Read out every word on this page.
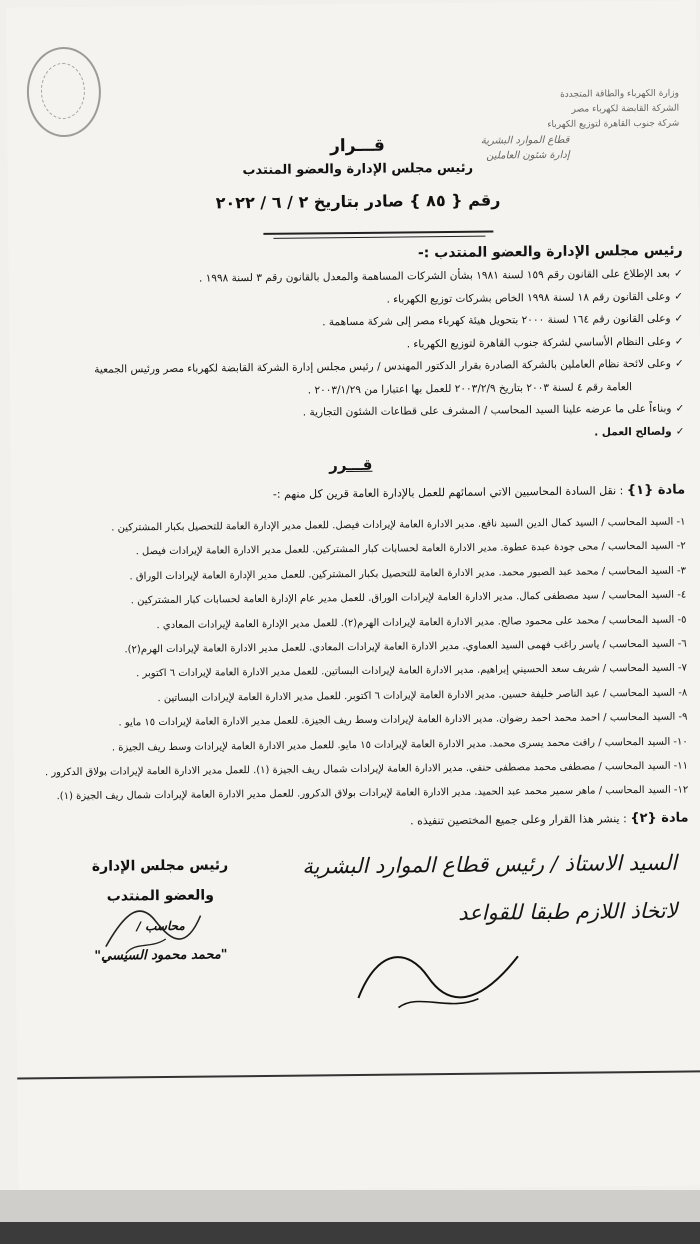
وزارة الكهرباء والطاقة المتجددة
الشركة القابضة لكهرباء مصر
شركة جنوب القاهرة لتوزيع الكهرباء
قطاع الموارد البشرية
إدارة شئون العاملين
قـــرار
رئيس مجلس الإدارة والعضو المنتدب
رقم { ٨٥ } صادر بتاريخ ٢ / ٦ / ٢٠٢٢
رئيس مجلس الإدارة والعضو المنتدب :-
✓بعد الإطلاع على القانون رقم ١٥٩ لسنة ١٩٨١ بشأن الشركات المساهمة والمعدل بالقانون رقم ٣ لسنة ١٩٩٨ .
✓وعلى القانون رقم ١٨ لسنة ١٩٩٨ الخاص بشركات توزيع الكهرباء .
✓وعلى القانون رقم ١٦٤ لسنة ٢٠٠٠ بتحويل هيئة كهرباء مصر إلى شركة مساهمة .
✓وعلى النظام الأساسي لشركة جنوب القاهرة لتوزيع الكهرباء .
✓وعلى لائحة نظام العاملين بالشركة الصادرة بقرار الدكتور المهندس / رئيس مجلس إدارة الشركة القابضة لكهرباء مصر ورئيس الجمعية
العامة رقم ٤ لسنة ٢٠٠٣ بتاريخ ٢٠٠٣/٢/٩ للعمل بها اعتبارا من ٢٠٠٣/١/٢٩ .
✓وبناءاً على ما عرضه علينا السيد المحاسب / المشرف على قطاعات الشئون التجارية .
✓ولصالح العمل .
قـــرر
مادة {١} : نقل السادة المحاسبين الاتي اسمائهم للعمل بالإدارة العامة قرين كل منهم :-
١- السيد المحاسب / السيد كمال الدين السيد نافع. مدير الادارة العامة لإيرادات فيصل. للعمل مدير الإدارة العامة للتحصيل بكبار المشتركين .
٢- السيد المحاسب / محى جودة عبدة عطوة. مدير الادارة العامة لحسابات كبار المشتركين. للعمل مدير الادارة العامة لإيرادات فيصل .
٣- السيد المحاسب / محمد عبد الصبور محمد. مدير الادارة العامة للتحصيل بكبار المشتركين. للعمل مدير الإدارة العامة لإيرادات الوراق .
٤- السيد المحاسب / سيد مصطفى كمال. مدير الادارة العامة لإيرادات الوراق. للعمل مدير عام الإدارة العامة لحسابات كبار المشتركين .
٥- السيد المحاسب / محمد على محمود صالح. مدير الادارة العامة لإيرادات الهرم(٢). للعمل مدير الإدارة العامة لإيرادات المعادي .
٦- السيد المحاسب / ياسر راغب فهمى السيد العماوي. مدير الادارة العامة لإيرادات المعادي. للعمل مدير الادارة العامة لإيرادات الهرم(٢).
٧- السيد المحاسب / شريف سعد الحسيني إبراهيم. مدير الادارة العامة لإيرادات البساتين. للعمل مدير الادارة العامة لإيرادات ٦ اكتوبر .
٨- السيد المحاسب / عبد الناصر خليفة حسين. مدير الادارة العامة لإيرادات ٦ اكتوبر. للعمل مدير الادارة العامة لإيرادات البساتين .
٩- السيد المحاسب / احمد محمد احمد رضوان. مدير الادارة العامة لإيرادات وسط ريف الجيزة. للعمل مدير الادارة العامة لإيرادات ١٥ مايو .
١٠- السيد المحاسب / رافت محمد يسرى محمد. مدير الادارة العامة لإيرادات ١٥ مايو. للعمل مدير الادارة العامة لإيرادات وسط ريف الجيزة .
١١- السيد المحاسب / مصطفى محمد مصطفى حنفي. مدير الادارة العامة لإيرادات شمال ريف الجيزة (١). للعمل مدير الادارة العامة لإيرادات بولاق الدكرور .
١٢- السيد المحاسب / ماهر سمير محمد عبد الحميد. مدير الادارة العامة لإيرادات بولاق الدكرور. للعمل مدير الادارة العامة لإيرادات شمال ريف الجيزة (١).
مادة {٢} : ينشر هذا القرار وعلى جميع المختصين تنفيذه .
رئيس مجلس الإدارة
والعضو المنتدب
محاسب /
"محمد محمود السيسي"
السيد الاستاذ / رئيس قطاع الموارد البشرية
لاتخاذ اللازم طبقا للقواعد
